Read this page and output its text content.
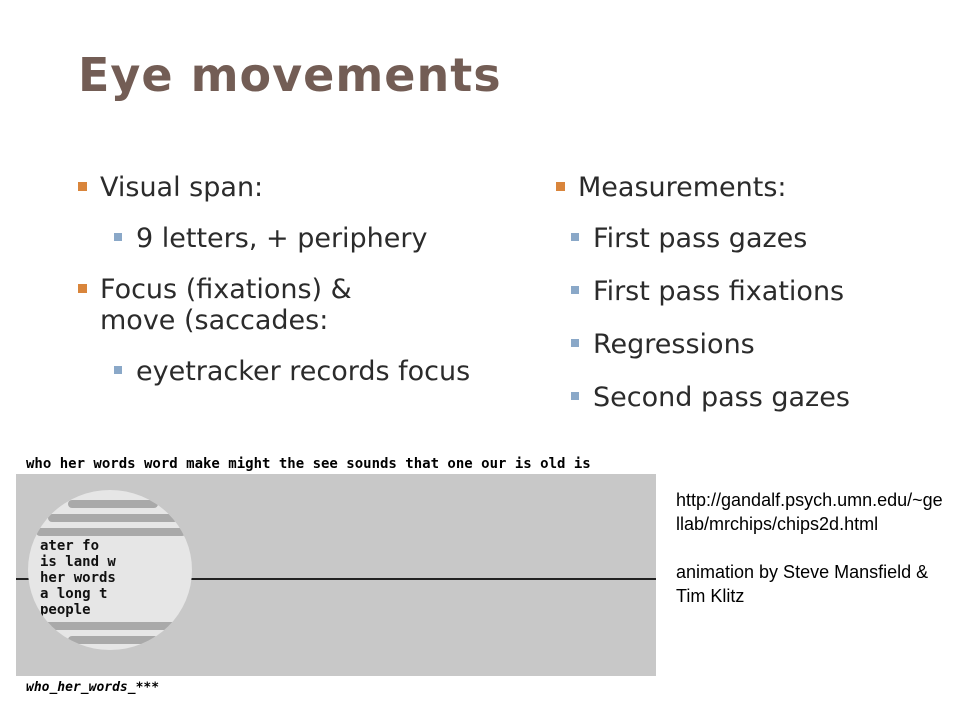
Eye movements
Visual span:
9 letters, + periphery
Focus (fixations) & move (saccades:
eyetracker records focus
Measurements:
First pass gazes
First pass fixations
Regressions
Second pass gazes
who her words word make might the see sounds that one our is old is
ater fo
is land w
her words
a long t
people
who_her_words_***
http://gandalf.psych.umn.edu/~gellab/mrchips/chips2d.html
animation by Steve Mansfield & Tim Klitz
